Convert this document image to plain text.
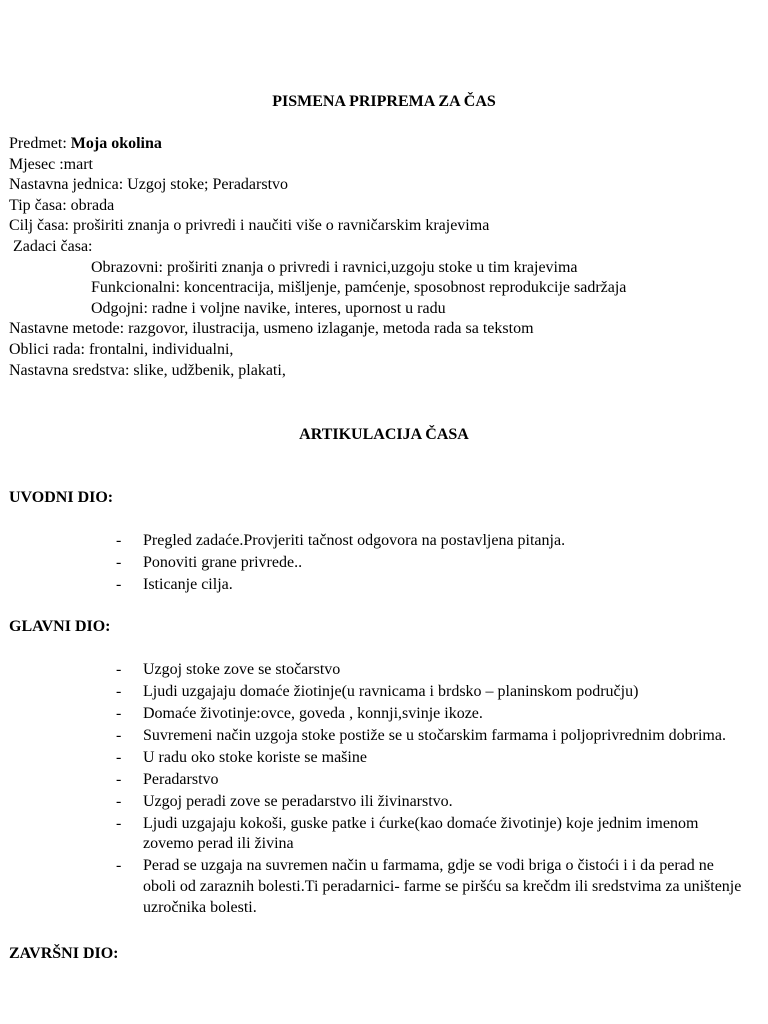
PISMENA PRIPREMA ZA ČAS
Predmet: Moja okolina
Mjesec :mart
Nastavna jednica: Uzgoj stoke; Peradarstvo
Tip časa: obrada
Cilj časa: proširiti znanja o privredi i naučiti više o ravničarskim krajevima
Zadaci časa:
Obrazovni: proširiti znanja o privredi i ravnici,uzgoju stoke u tim krajevima
Funkcionalni: koncentracija, mišljenje, pamćenje, sposobnost reprodukcije sadržaja
Odgojni: radne i voljne navike, interes, upornost u radu
Nastavne metode: razgovor, ilustracija, usmeno izlaganje, metoda rada sa tekstom
Oblici rada: frontalni, individualni,
Nastavna sredstva: slike, udžbenik, plakati,
ARTIKULACIJA ČASA
UVODNI DIO:
- Pregled zadaće.Provjeriti tačnost odgovora na postavljena pitanja.
- Ponoviti grane privrede..
- Isticanje cilja.
GLAVNI DIO:
- Uzgoj stoke zove se stočarstvo
- Ljudi uzgajaju domaće žiotinje(u ravnicama i brdsko – planinskom području)
- Domaće životinje:ovce, goveda , konnji,svinje ikoze.
- Suvremeni način uzgoja stoke postiže se u stočarskim farmama i poljoprivrednim dobrima.
- U radu oko stoke koriste se mašine
- Peradarstvo
- Uzgoj peradi zove se peradarstvo ili živinarstvo.
- Ljudi uzgajaju kokoši, guske patke i ćurke(kao domaće životinje) koje jednim imenom zovemo perad ili živina
- Perad se uzgaja na suvremen način u farmama, gdje se vodi briga o čistoći i i da perad ne oboli od zaraznih bolesti.Ti peradarnici- farme se piršću sa krečdm ili sredstvima za uništenje uzročnika bolesti.
ZAVRŠNI DIO:
